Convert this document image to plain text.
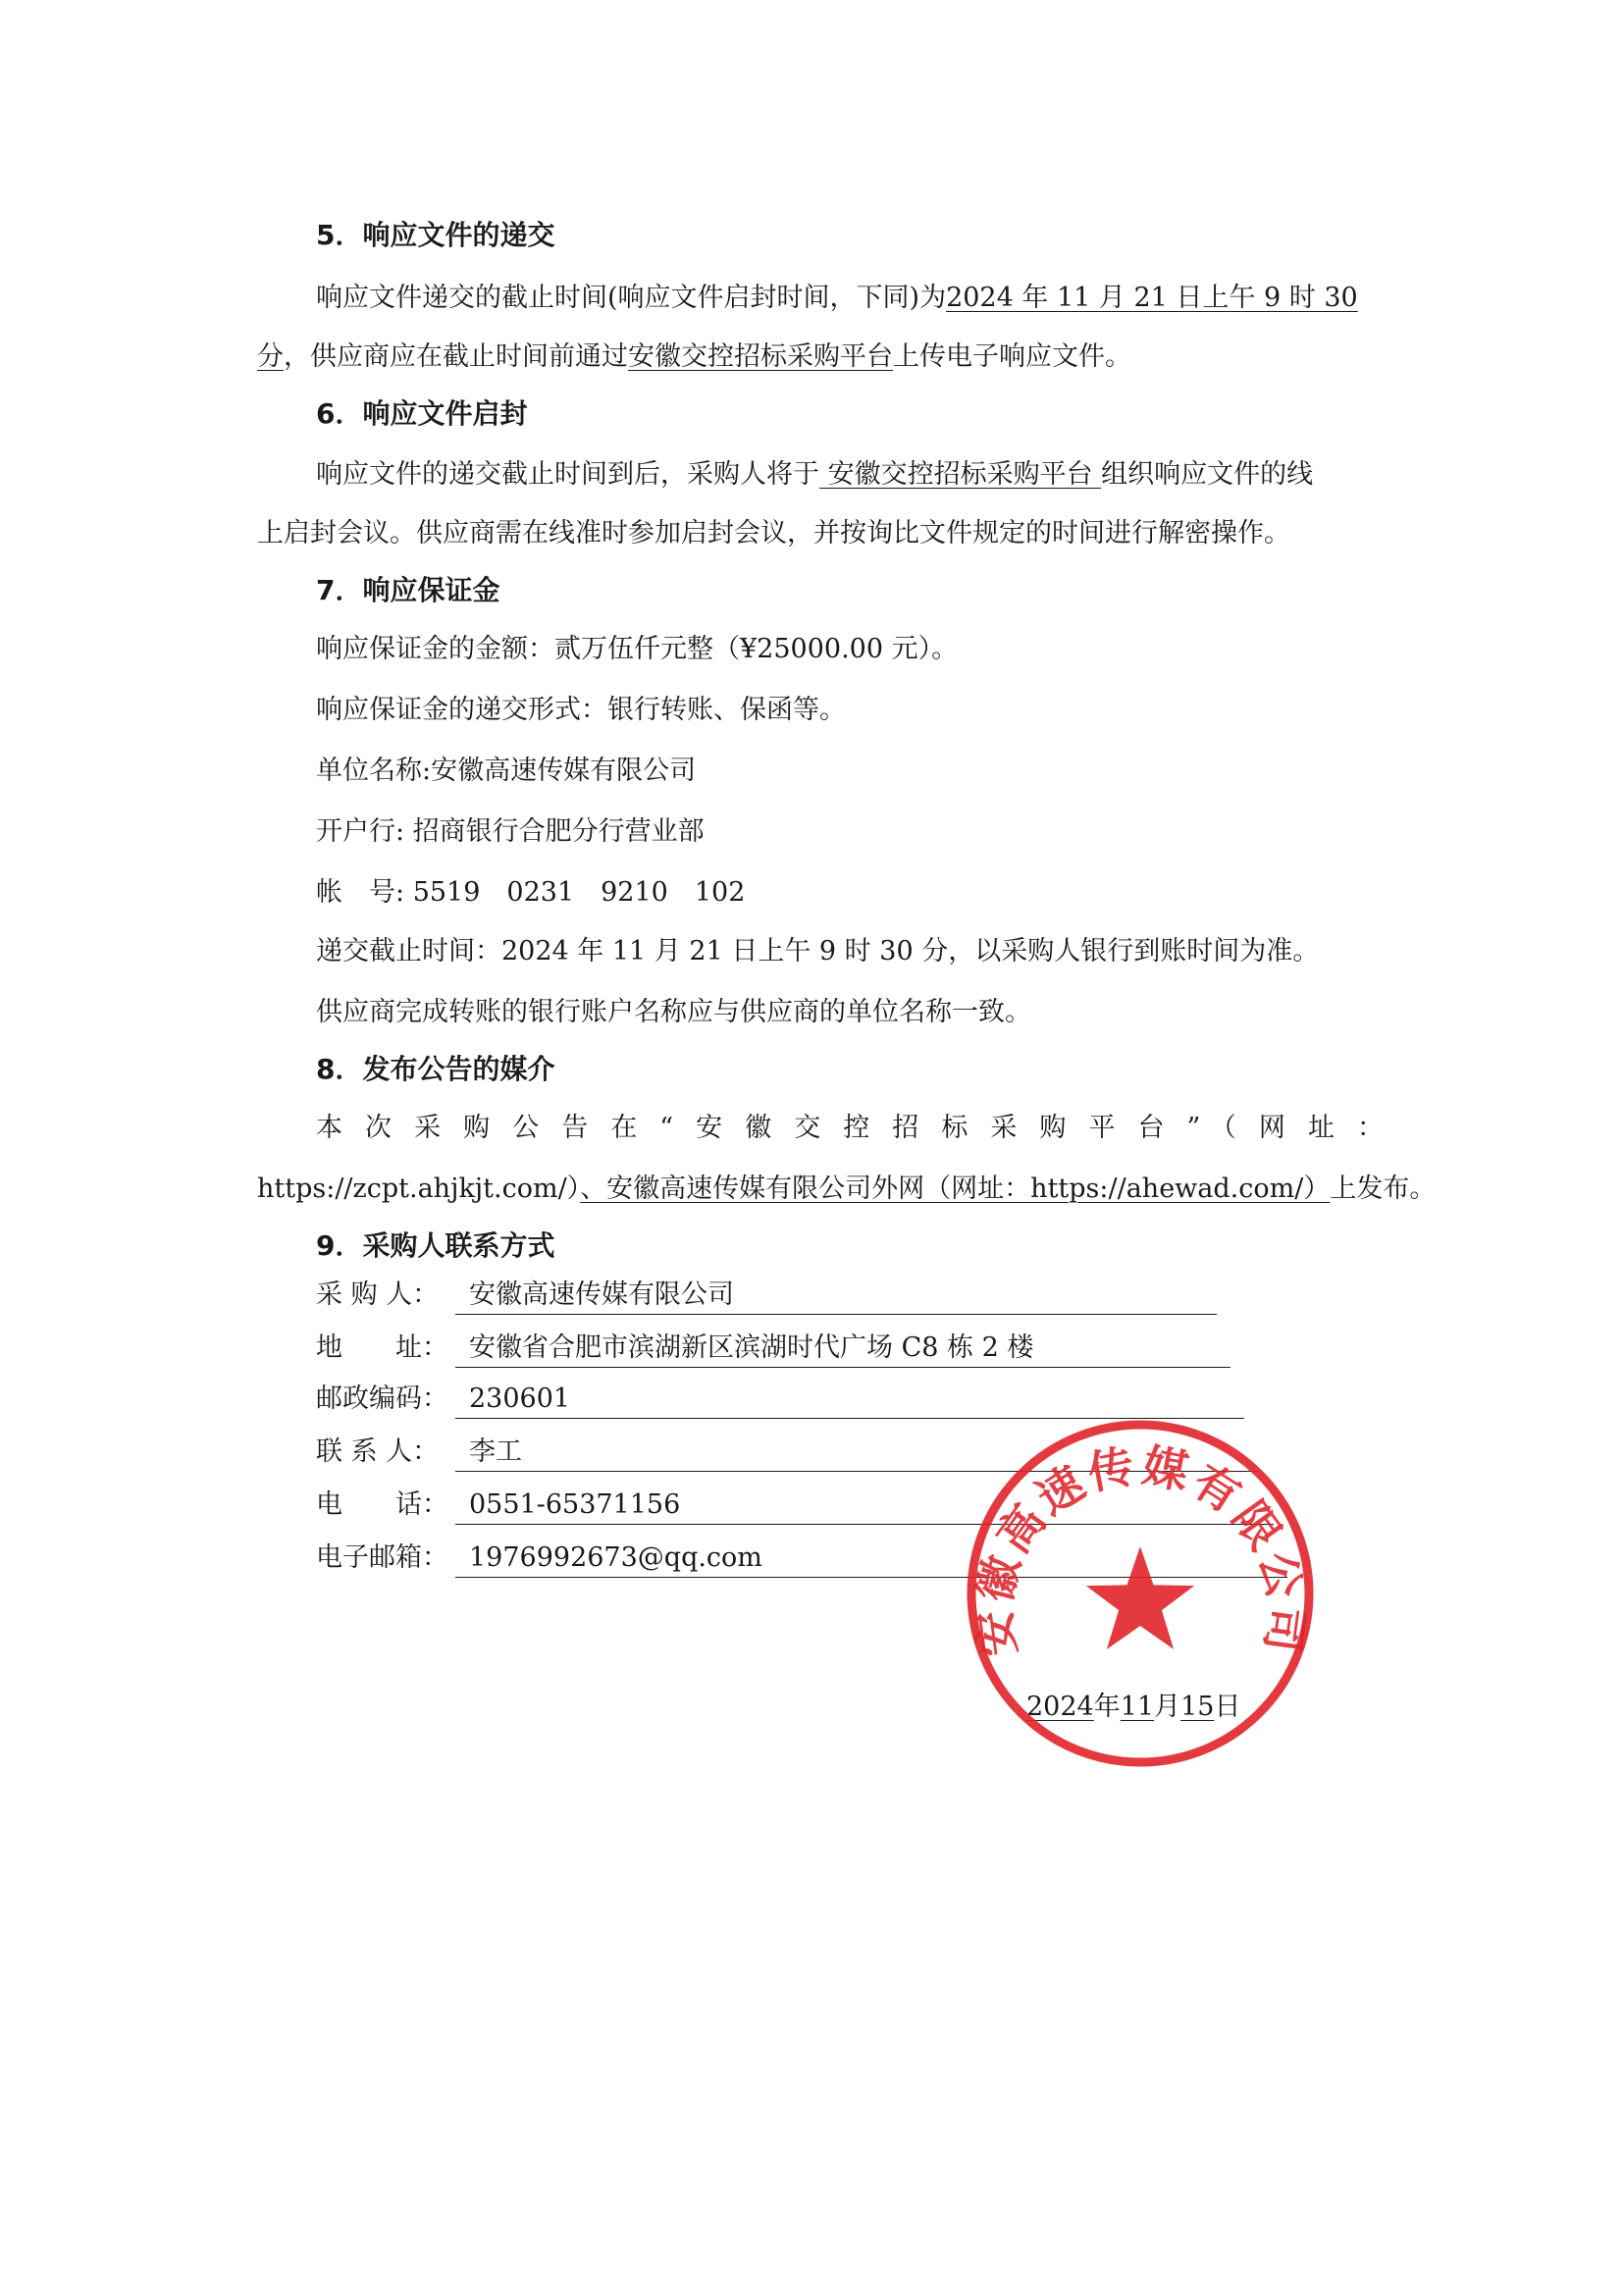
5．响应文件的递交
响应文件递交的截止时间(响应文件启封时间，下同)为2024 年 11 月 21 日上午 9 时 30
分，供应商应在截止时间前通过安徽交控招标采购平台上传电子响应文件。
6．响应文件启封
响应文件的递交截止时间到后，采购人将于 安徽交控招标采购平台 组织响应文件的线
上启封会议。供应商需在线准时参加启封会议，并按询比文件规定的时间进行解密操作。
7．响应保证金
响应保证金的金额：贰万伍仟元整（¥25000.00 元）。
响应保证金的递交形式：银行转账、保函等。
单位名称:安徽高速传媒有限公司
开户行: 招商银行合肥分行营业部
帐　号: 5519　0231　9210　102
递交截止时间：2024 年 11 月 21 日上午 9 时 30 分，以采购人银行到账时间为准。
供应商完成转账的银行账户名称应与供应商的单位名称一致。
8．发布公告的媒介
本次采购公告在“安徽交控招标采购平台”（网址：
https://zcpt.ahjkjt.com/）、安徽高速传媒有限公司外网（网址：https://ahewad.com/）上发布。
9．采购人联系方式
采 购 人：	安徽高速传媒有限公司
地　　址： 安徽省合肥市滨湖新区滨湖时代广场 C8 栋 2 楼
邮政编码： 230601
联 系 人：	李工
电　　话： 0551-65371156
电子邮箱： 1976992673@qq.com
2024年11月15日
安徽高速传媒有限公司
